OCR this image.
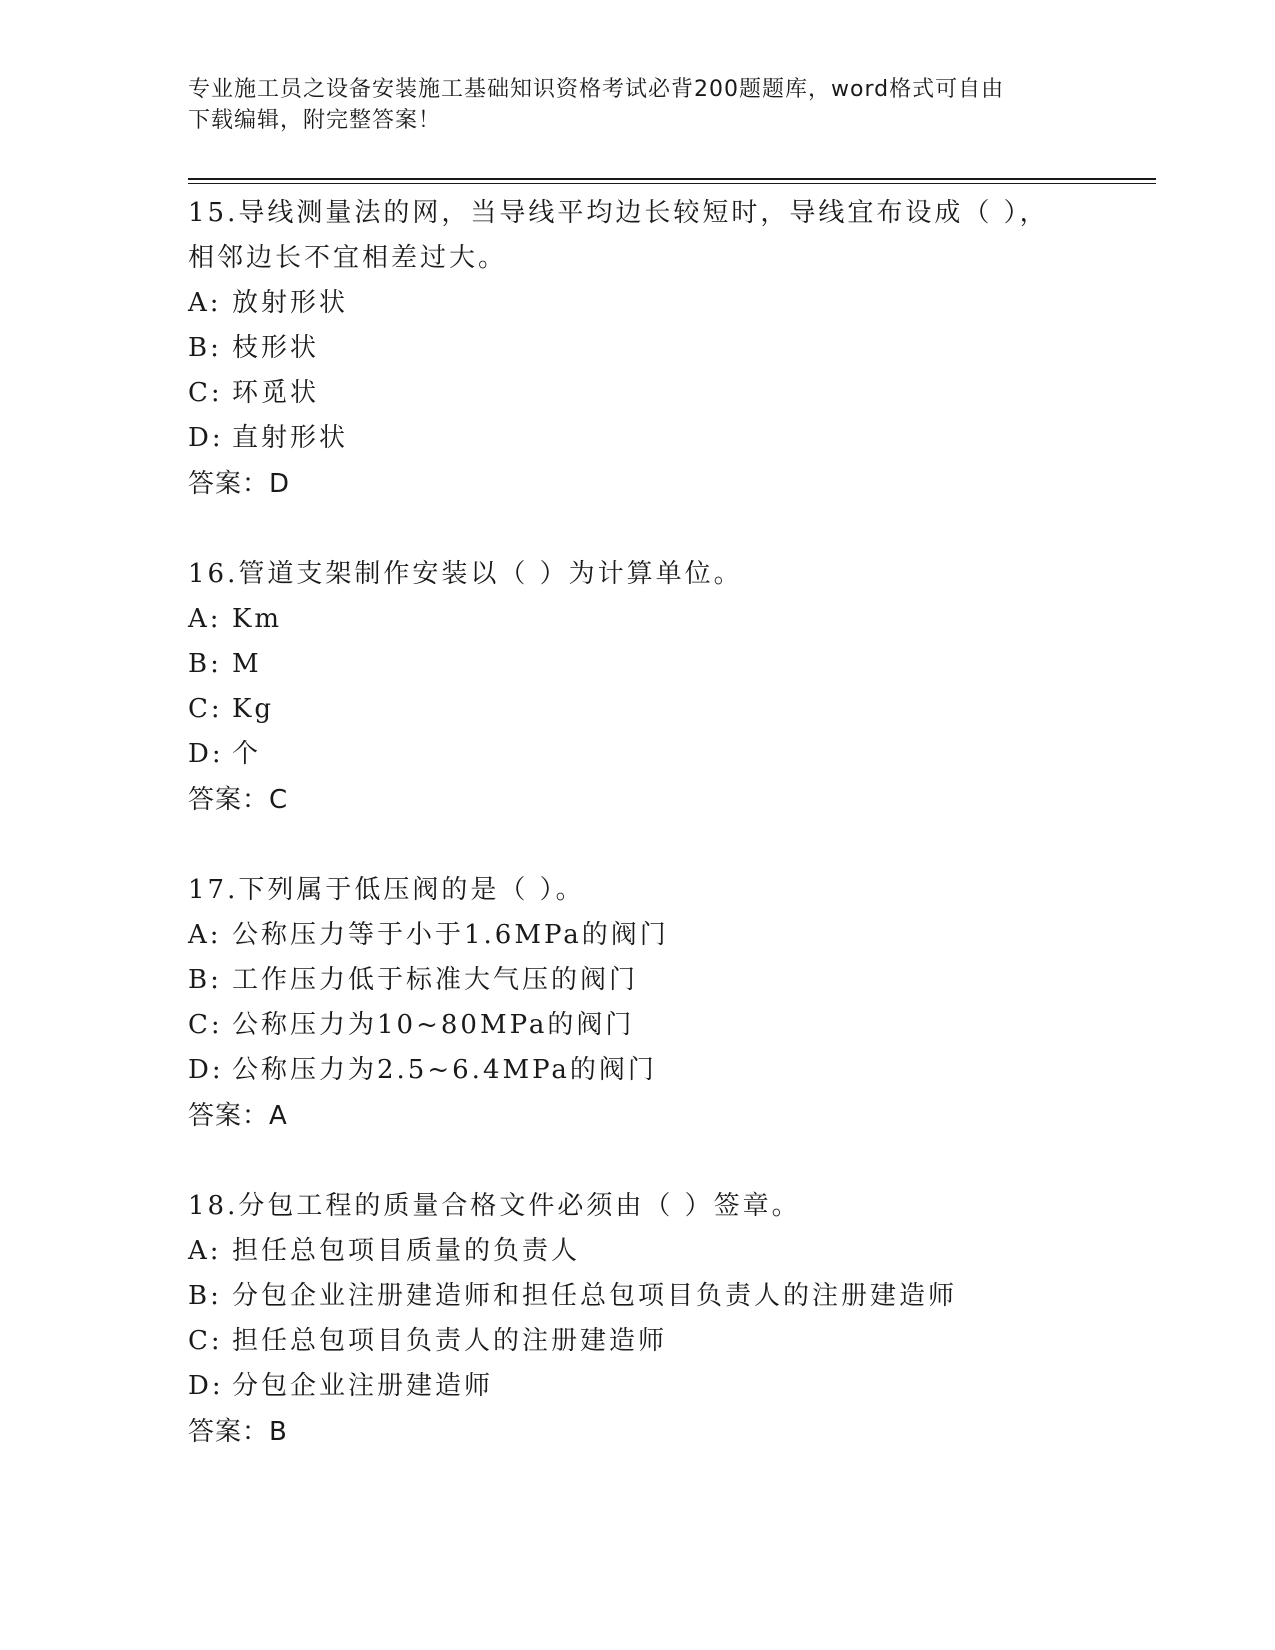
专业施工员之设备安装施工基础知识资格考试必背200题题库，word格式可自由
下载编辑，附完整答案！

15.导线测量法的网，当导线平均边长较短时，导线宜布设成（ ），

相邻边长不宜相差过大。

A: 放射形状

B: 枝形状

C: 环觅状

D: 直射形状

答案：D

16.管道支架制作安装以（ ）为计算单位。

A: Km

B: M

C: Kg

D: 个

答案：C

17.下列属于低压阀的是（ ）。

A: 公称压力等于小于1.6MPa的阀门

B: 工作压力低于标准大气压的阀门

C: 公称压力为10~80MPa的阀门

D: 公称压力为2.5~6.4MPa的阀门

答案：A

18.分包工程的质量合格文件必须由（ ）签章。

A: 担任总包项目质量的负责人

B: 分包企业注册建造师和担任总包项目负责人的注册建造师

C: 担任总包项目负责人的注册建造师

D: 分包企业注册建造师

答案：B
